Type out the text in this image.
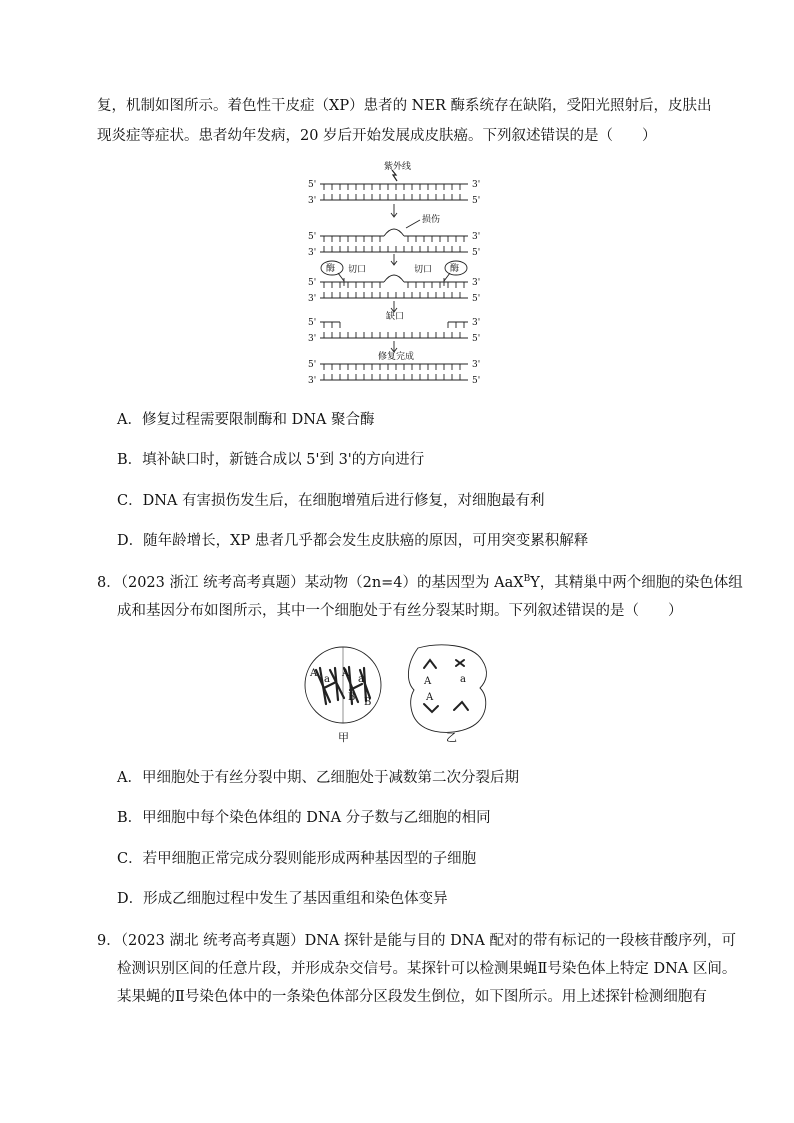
复，机制如图所示。着色性干皮症（XP）患者的 NER 酶系统存在缺陷，受阳光照射后，皮肤出
现炎症等症状。患者幼年发病，20 岁后开始发展成皮肤癌。下列叙述错误的是（　　）
紫外线
损伤
酶	酶
切口	切口
缺口
修复完成
5'
3'
3'
5'
5'
3'
3'
5'
5'
3'
3'
5'
5'
3'
3'
5'
5'
3'
3'
5'
A．修复过程需要限制酶和 DNA 聚合酶
B．填补缺口时，新链合成以 5'到 3'的方向进行
C．DNA 有害损伤发生后，在细胞增殖后进行修复，对细胞最有利
D．随年龄增长，XP 患者几乎都会发生皮肤癌的原因，可用突变累积解释
8．（2023 浙江 统考高考真题）某动物（2n=4）的基因型为 AaX$^B$Y，其精巢中两个细胞的染色体组
成和基因分布如图所示，其中一个细胞处于有丝分裂某时期。下列叙述错误的是（　　）
A
a
A
a
B B
A	a
A
甲	乙
A．甲细胞处于有丝分裂中期、乙细胞处于减数第二次分裂后期
B．甲细胞中每个染色体组的 DNA 分子数与乙细胞的相同
C．若甲细胞正常完成分裂则能形成两种基因型的子细胞
D．形成乙细胞过程中发生了基因重组和染色体变异
9．（2023 湖北 统考高考真题）DNA 探针是能与目的 DNA 配对的带有标记的一段核苷酸序列，可
检测识别区间的任意片段，并形成杂交信号。某探针可以检测果蝇Ⅱ号染色体上特定 DNA 区间。
某果蝇的Ⅱ号染色体中的一条染色体部分区段发生倒位，如下图所示。用上述探针检测细胞有
